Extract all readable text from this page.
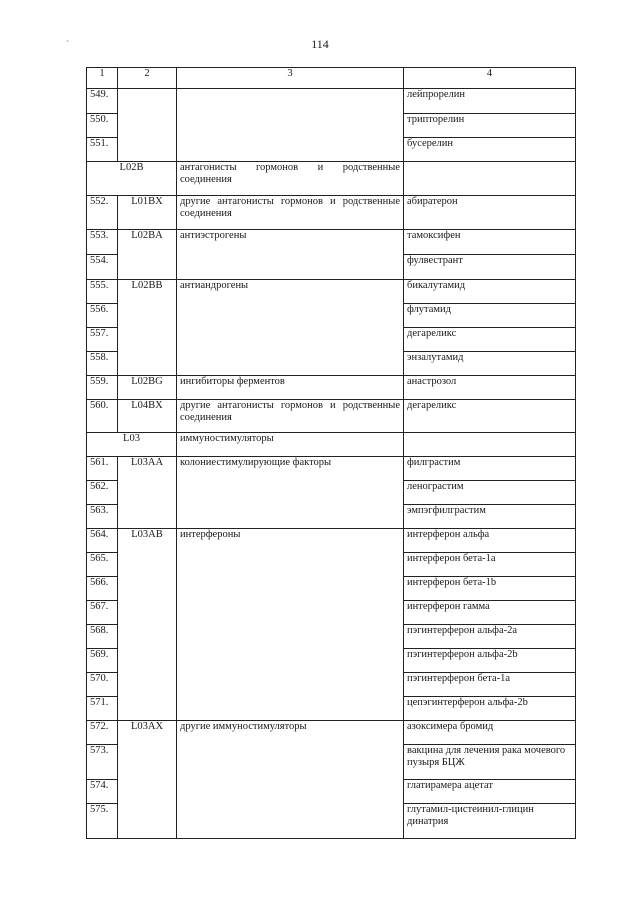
114
`
1	2	3	4
549.			лейпрорелин
550.			трипторелин
551.			бусерелин
L02B		антагонисты гормонов и родственные соединения	
552.	L01BX	другие антагонисты гормонов и родственные соединения	абиратерон
553.	L02BA	антиэстрогены	тамоксифен
554.			фулвестрант
555.	L02BB	антиандрогены	бикалутамид
556.			флутамид
557.			дегареликс
558.			энзалутамид
559.	L02BG	ингибиторы ферментов	анастрозол
560.	L04BX	другие антагонисты гормонов и родственные соединения	дегареликс
L03		иммуностимуляторы	
561.	L03AA	колониестимулирующие факторы	филграстим
562.			ленограстим
563.			эмпэгфилграстим
564.	L03AB	интерфероны	интерферон альфа
565.			интерферон бета-1а
566.			интерферон бета-1b
567.			интерферон гамма
568.			пэгинтерферон альфа-2а
569.			пэгинтерферон альфа-2b
570.			пэгинтерферон бета-1а
571.			цепэгинтерферон альфа-2b
572.	L03AX	другие иммуностимуляторы	азоксимера бромид
573.			вакцина для лечения рака мочевого пузыря БЦЖ
574.			глатирамера ацетат
575.			глутамил-цистеинил-глицин динатрия
